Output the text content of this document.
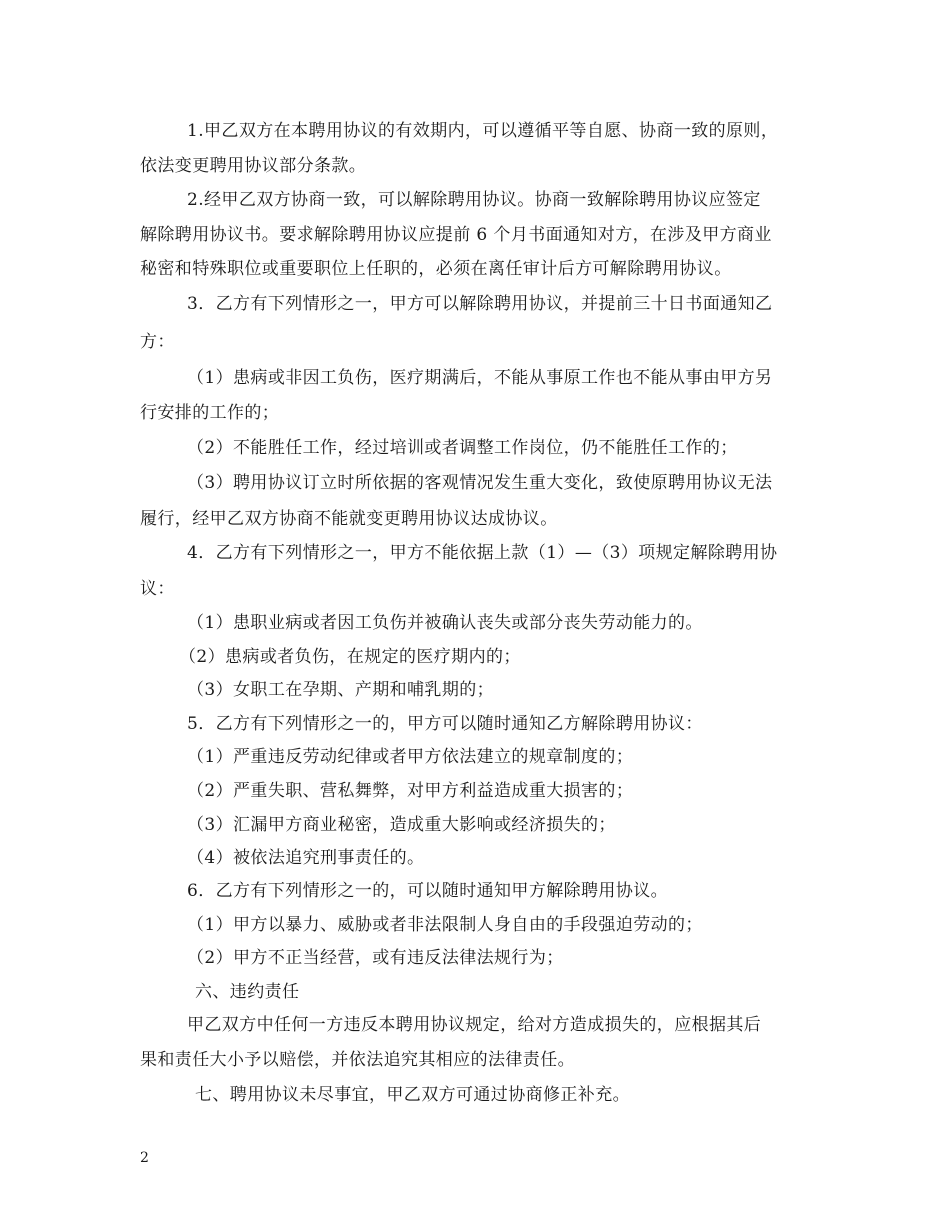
1.甲乙双方在本聘用协议的有效期内，可以遵循平等自愿、协商一致的原则，
依法变更聘用协议部分条款。
2.经甲乙双方协商一致，可以解除聘用协议。协商一致解除聘用协议应签定
解除聘用协议书。要求解除聘用协议应提前 6 个月书面通知对方，在涉及甲方商业
秘密和特殊职位或重要职位上任职的，必须在离任审计后方可解除聘用协议。
3．乙方有下列情形之一，甲方可以解除聘用协议，并提前三十日书面通知乙
方：
（1）患病或非因工负伤，医疗期满后，不能从事原工作也不能从事由甲方另
行安排的工作的；
（2）不能胜任工作，经过培训或者调整工作岗位，仍不能胜任工作的；
（3）聘用协议订立时所依据的客观情况发生重大变化，致使原聘用协议无法
履行，经甲乙双方协商不能就变更聘用协议达成协议。
4．乙方有下列情形之一，甲方不能依据上款（1）—（3）项规定解除聘用协
议：
（1）患职业病或者因工负伤并被确认丧失或部分丧失劳动能力的。
（2）患病或者负伤，在规定的医疗期内的；
（3）女职工在孕期、产期和哺乳期的；
5．乙方有下列情形之一的，甲方可以随时通知乙方解除聘用协议：
（1）严重违反劳动纪律或者甲方依法建立的规章制度的；
（2）严重失职、营私舞弊，对甲方利益造成重大损害的；
（3）汇漏甲方商业秘密，造成重大影响或经济损失的；
（4）被依法追究刑事责任的。
6．乙方有下列情形之一的，可以随时通知甲方解除聘用协议。
（1）甲方以暴力、威胁或者非法限制人身自由的手段强迫劳动的；
（2）甲方不正当经营，或有违反法律法规行为；
六、违约责任
甲乙双方中任何一方违反本聘用协议规定，给对方造成损失的，应根据其后
果和责任大小予以赔偿，并依法追究其相应的法律责任。
七、聘用协议未尽事宜，甲乙双方可通过协商修正补充。
2
